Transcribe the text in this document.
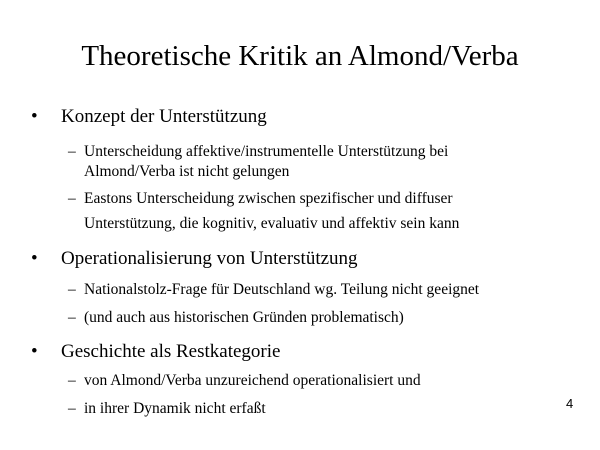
Theoretische Kritik an Almond/Verba
• Konzept der Unterstützung
– Unterscheidung affektive/instrumentelle Unterstützung bei
Almond/Verba ist nicht gelungen
– Eastons Unterscheidung zwischen spezifischer und diffuser
Unterstützung, die kognitiv, evaluativ und affektiv sein kann
• Operationalisierung von Unterstützung
– Nationalstolz-Frage für Deutschland wg. Teilung nicht geeignet
– (und auch aus historischen Gründen problematisch)
• Geschichte als Restkategorie
– von Almond/Verba unzureichend operationalisiert und
– in ihrer Dynamik nicht erfaßt	4
